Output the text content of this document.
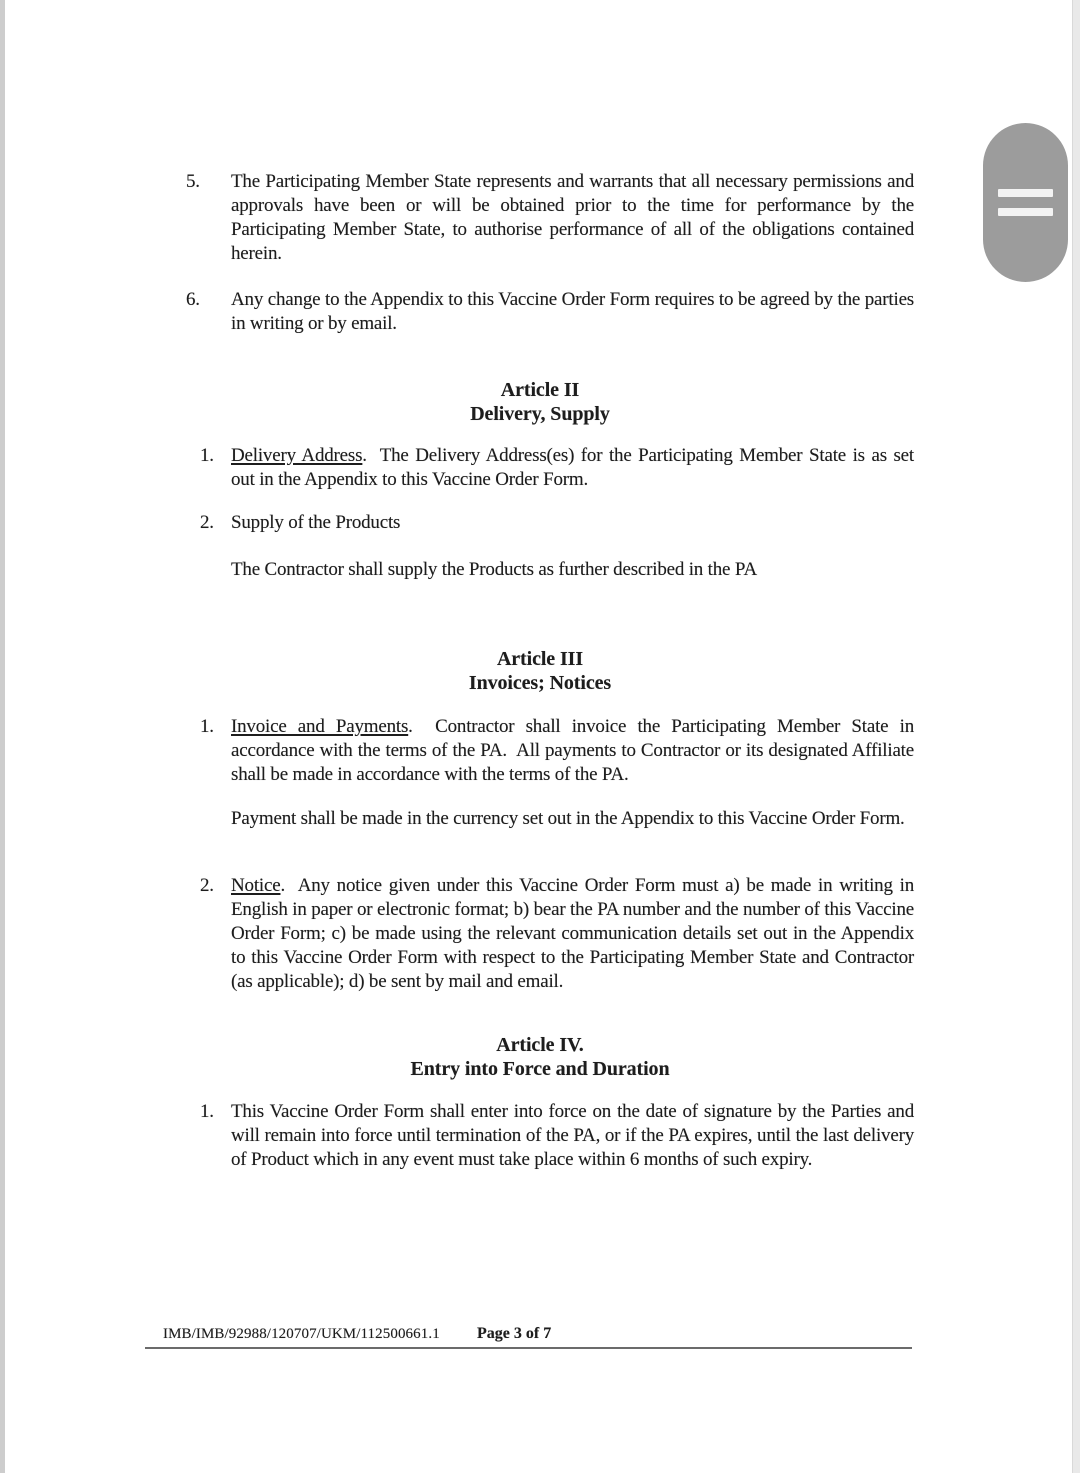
5.	The Participating Member State represents and warrants that all necessary permissions and approvals have been or will be obtained prior to the time for performance by the Participating Member State, to authorise performance of all of the obligations contained herein.

6.	Any change to the Appendix to this Vaccine Order Form requires to be agreed by the parties in writing or by email.

Article II
Delivery, Supply
1. Delivery Address.  The Delivery Address(es) for the Participating Member State is as set out in the Appendix to this Vaccine Order Form.

2. Supply of the Products

The Contractor shall supply the Products as further described in the PA

Article III
Invoices; Notices
1. Invoice and Payments.  Contractor shall invoice the Participating Member State in accordance with the terms of the PA.  All payments to Contractor or its designated Affiliate shall be made in accordance with the terms of the PA.

Payment shall be made in the currency set out in the Appendix to this Vaccine Order Form.

2. Notice.  Any notice given under this Vaccine Order Form must a) be made in writing in English in paper or electronic format; b) bear the PA number and the number of this Vaccine Order Form; c) be made using the relevant communication details set out in the Appendix to this Vaccine Order Form with respect to the Participating Member State and Contractor (as applicable); d) be sent by mail and email.

Article IV.
Entry into Force and Duration
1. This Vaccine Order Form shall enter into force on the date of signature by the Parties and will remain into force until termination of the PA, or if the PA expires, until the last delivery of Product which in any event must take place within 6 months of such expiry.

IMB/IMB/92988/120707/UKM/112500661.1 Page 3 of 7
